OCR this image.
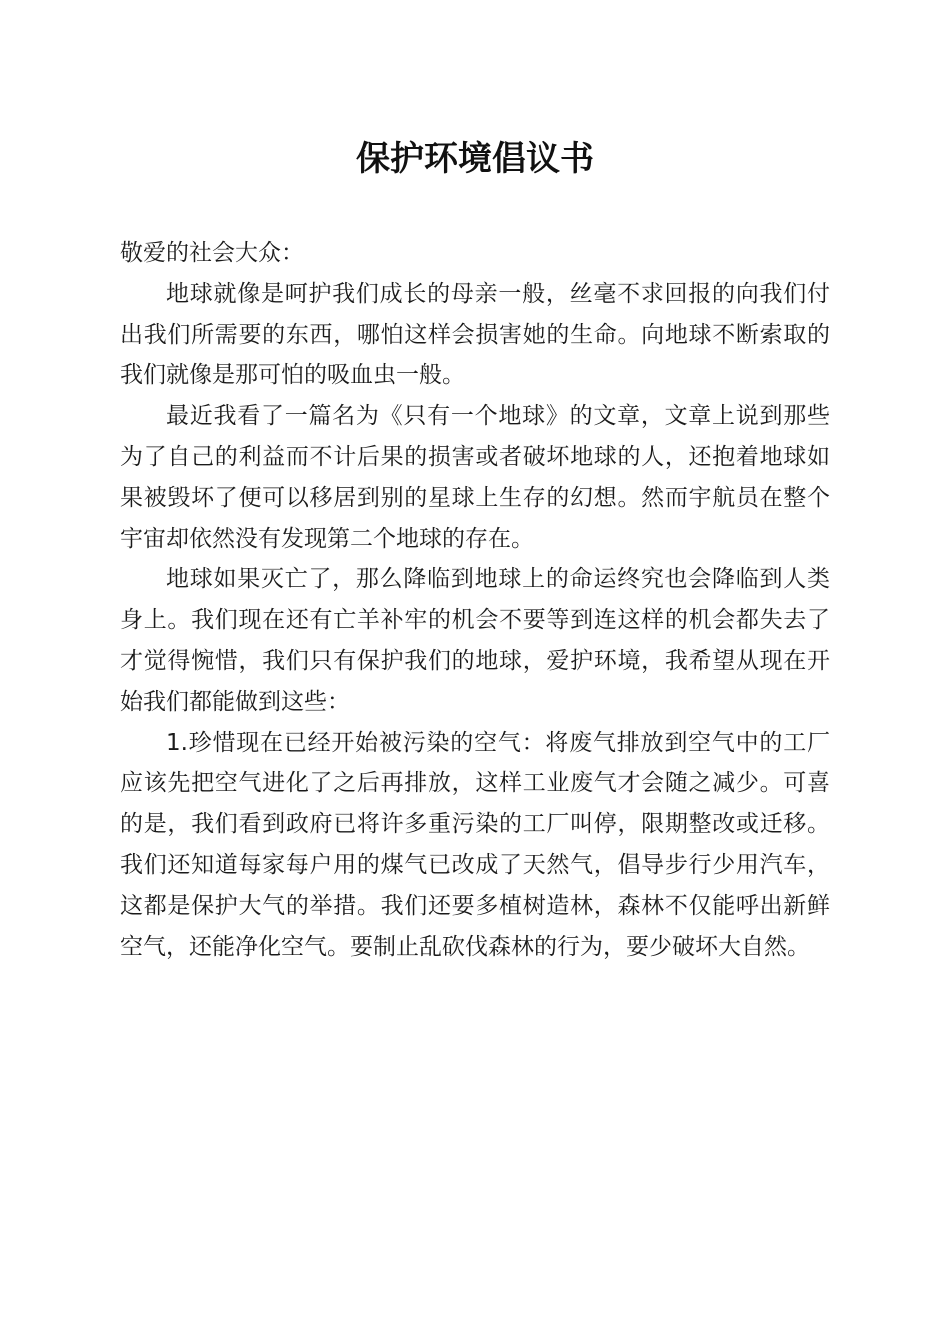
保护环境倡议书

敬爱的社会大众：

地球就像是呵护我们成长的母亲一般，丝毫不求回报的向我们付出我们所需要的东西，哪怕这样会损害她的生命。向地球不断索取的我们就像是那可怕的吸血虫一般。

最近我看了一篇名为《只有一个地球》的文章，文章上说到那些为了自己的利益而不计后果的损害或者破坏地球的人，还抱着地球如果被毁坏了便可以移居到别的星球上生存的幻想。然而宇航员在整个宇宙却依然没有发现第二个地球的存在。

地球如果灭亡了，那么降临到地球上的命运终究也会降临到人类身上。我们现在还有亡羊补牢的机会不要等到连这样的机会都失去了才觉得惋惜，我们只有保护我们的地球，爱护环境，我希望从现在开始我们都能做到这些：

1.珍惜现在已经开始被污染的空气：将废气排放到空气中的工厂应该先把空气进化了之后再排放，这样工业废气才会随之减少。可喜的是，我们看到政府已将许多重污染的工厂叫停，限期整改或迁移。我们还知道每家每户用的煤气已改成了天然气，倡导步行少用汽车，这都是保护大气的举措。我们还要多植树造林，森林不仅能呼出新鲜空气，还能净化空气。要制止乱砍伐森林的行为，要少破坏大自然。
